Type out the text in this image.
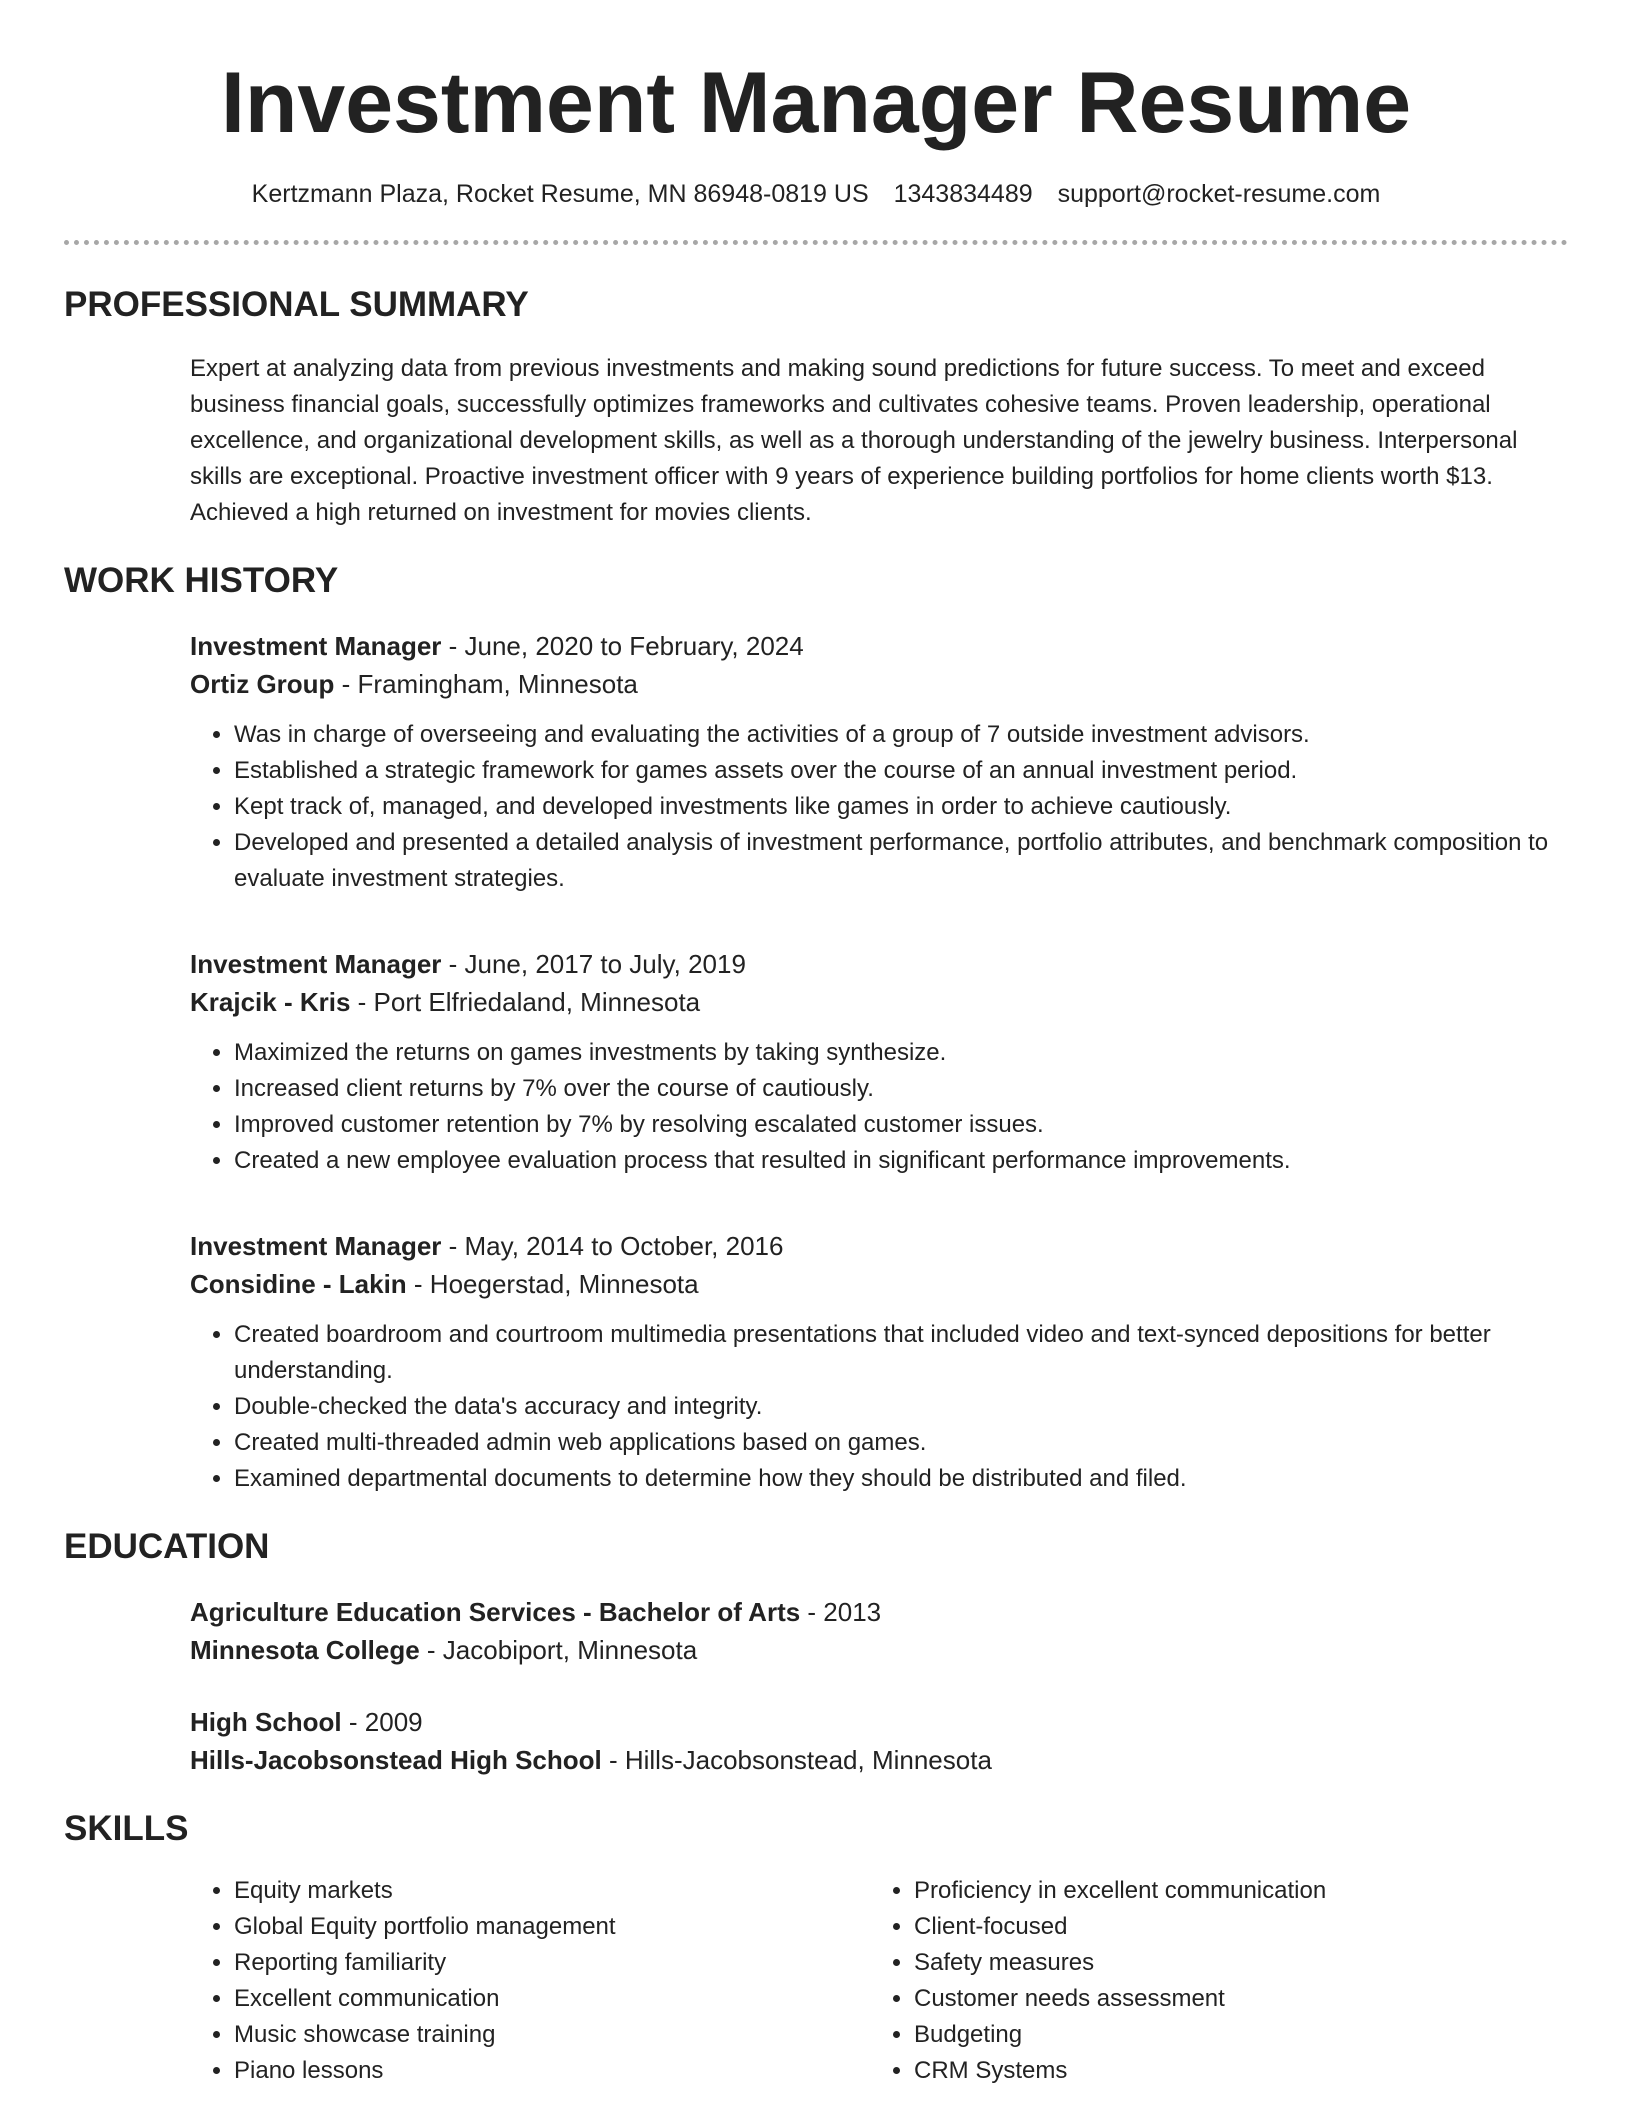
Investment Manager Resume
Kertzmann Plaza, Rocket Resume, MN 86948-0819 US 1343834489 support@rocket-resume.com
PROFESSIONAL SUMMARY

Expert at analyzing data from previous investments and making sound predictions for future success. To meet and exceed business financial goals, successfully optimizes frameworks and cultivates cohesive teams. Proven leadership, operational excellence, and organizational development skills, as well as a thorough understanding of the jewelry business. Interpersonal skills are exceptional. Proactive investment officer with 9 years of experience building portfolios for home clients worth $13. Achieved a high returned on investment for movies clients.

WORK HISTORY
Investment Manager - June, 2020 to February, 2024
Ortiz Group - Framingham, Minnesota
• Was in charge of overseeing and evaluating the activities of a group of 7 outside investment advisors.
• Established a strategic framework for games assets over the course of an annual investment period.
• Kept track of, managed, and developed investments like games in order to achieve cautiously.
• Developed and presented a detailed analysis of investment performance, portfolio attributes, and benchmark composition to evaluate investment strategies.
Investment Manager - June, 2017 to July, 2019
Krajcik - Kris - Port Elfriedaland, Minnesota
• Maximized the returns on games investments by taking synthesize.
• Increased client returns by 7% over the course of cautiously.
• Improved customer retention by 7% by resolving escalated customer issues.
• Created a new employee evaluation process that resulted in significant performance improvements.
Investment Manager - May, 2014 to October, 2016
Considine - Lakin - Hoegerstad, Minnesota
• Created boardroom and courtroom multimedia presentations that included video and text-synced depositions for better understanding.
• Double-checked the data's accuracy and integrity.
• Created multi-threaded admin web applications based on games.
• Examined departmental documents to determine how they should be distributed and filed.
EDUCATION
Agriculture Education Services - Bachelor of Arts - 2013
Minnesota College - Jacobiport, Minnesota
High School - 2009
Hills-Jacobsonstead High School - Hills-Jacobsonstead, Minnesota
SKILLS
• Equity markets
• Global Equity portfolio management
• Reporting familiarity
• Excellent communication
• Music showcase training
• Piano lessons
• Proficiency in excellent communication
• Client-focused
• Safety measures
• Customer needs assessment
• Budgeting
• CRM Systems
